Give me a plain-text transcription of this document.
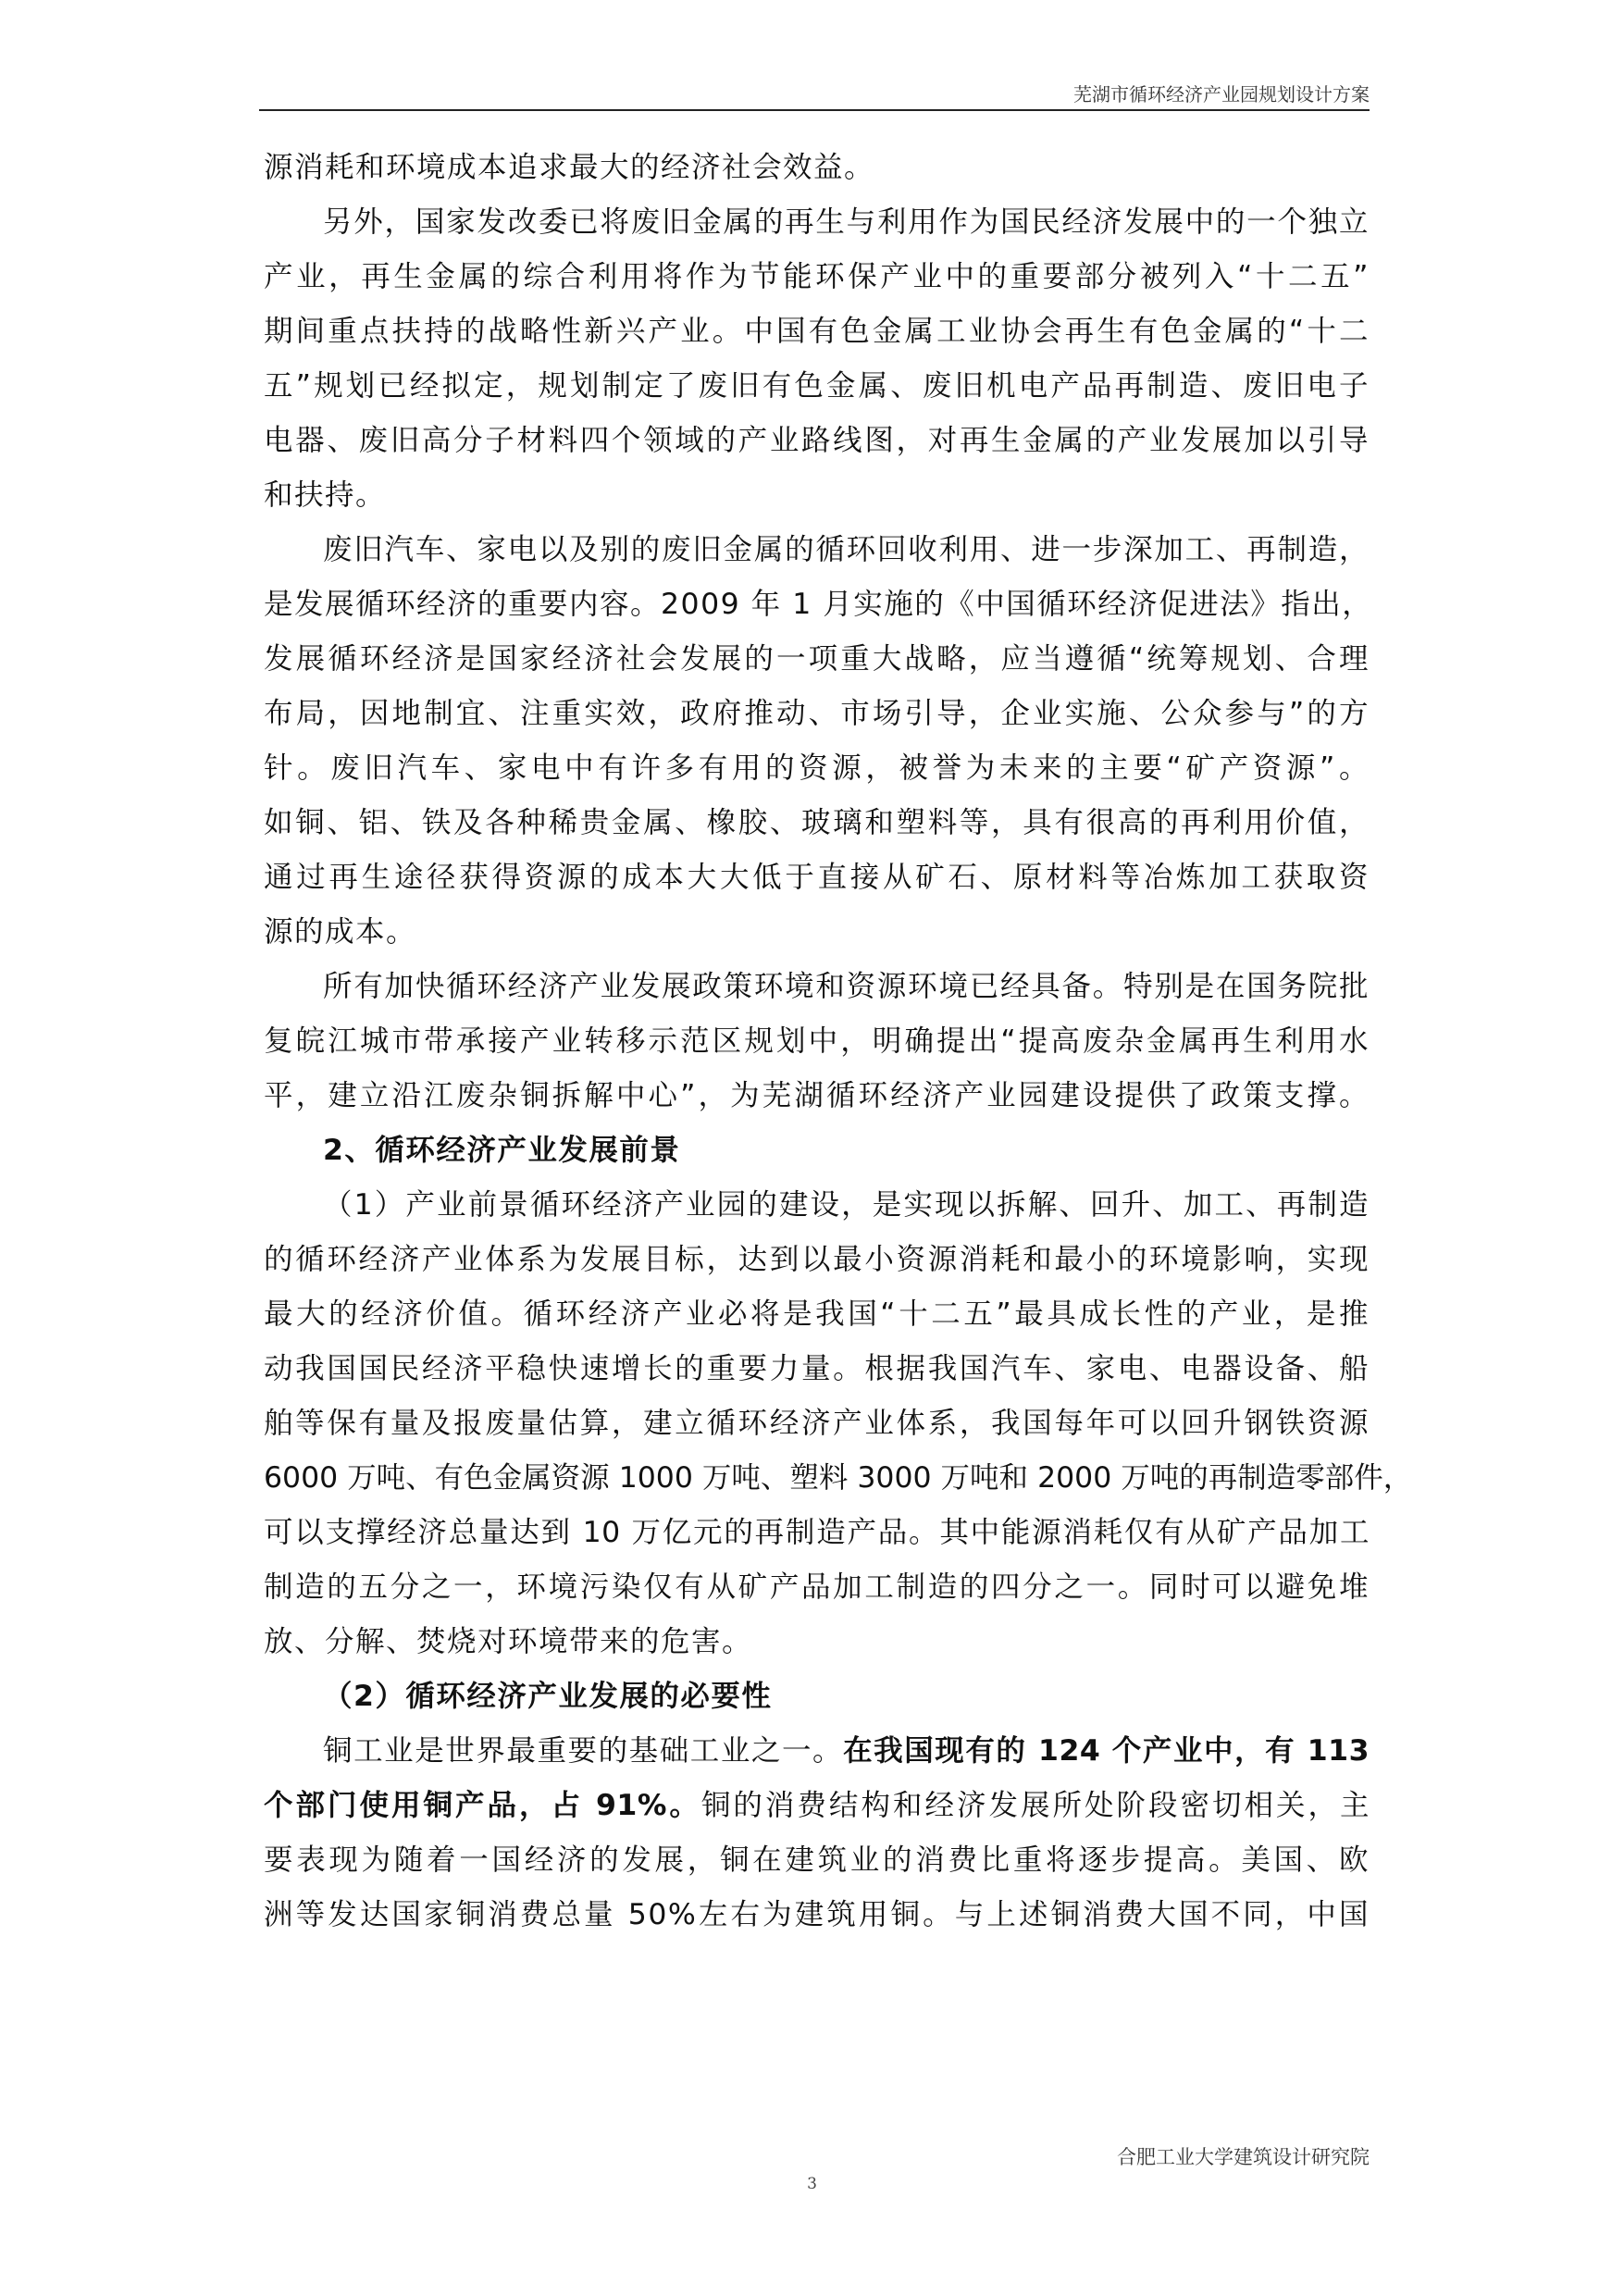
芜湖市循环经济产业园规划设计方案
源消耗和环境成本追求最大的经济社会效益。
另外，国家发改委已将废旧金属的再生与利用作为国民经济发展中的一个独立
产业，再生金属的综合利用将作为节能环保产业中的重要部分被列入“十二五”
期间重点扶持的战略性新兴产业。中国有色金属工业协会再生有色金属的“十二
五”规划已经拟定，规划制定了废旧有色金属、废旧机电产品再制造、废旧电子
电器、废旧高分子材料四个领域的产业路线图，对再生金属的产业发展加以引导
和扶持。
废旧汽车、家电以及别的废旧金属的循环回收利用、进一步深加工、再制造，
是发展循环经济的重要内容。2009 年 1 月实施的《中国循环经济促进法》指出，
发展循环经济是国家经济社会发展的一项重大战略，应当遵循“统筹规划、合理
布局，因地制宜、注重实效，政府推动、市场引导，企业实施、公众参与”的方
针。废旧汽车、家电中有许多有用的资源，被誉为未来的主要“矿产资源”。
如铜、铝、铁及各种稀贵金属、橡胶、玻璃和塑料等，具有很高的再利用价值，
通过再生途径获得资源的成本大大低于直接从矿石、原材料等冶炼加工获取资
源的成本。
所有加快循环经济产业发展政策环境和资源环境已经具备。特别是在国务院批
复皖江城市带承接产业转移示范区规划中，明确提出“提高废杂金属再生利用水
平，建立沿江废杂铜拆解中心”，为芜湖循环经济产业园建设提供了政策支撑。
2、循环经济产业发展前景
（1）产业前景循环经济产业园的建设，是实现以拆解、回升、加工、再制造
的循环经济产业体系为发展目标，达到以最小资源消耗和最小的环境影响，实现
最大的经济价值。循环经济产业必将是我国“十二五”最具成长性的产业，是推
动我国国民经济平稳快速增长的重要力量。根据我国汽车、家电、电器设备、船
舶等保有量及报废量估算，建立循环经济产业体系，我国每年可以回升钢铁资源
6000 万吨、有色金属资源 1000 万吨、塑料 3000 万吨和 2000 万吨的再制造零部件，
可以支撑经济总量达到 10 万亿元的再制造产品。其中能源消耗仅有从矿产品加工
制造的五分之一，环境污染仅有从矿产品加工制造的四分之一。同时可以避免堆
放、分解、焚烧对环境带来的危害。
（2）循环经济产业发展的必要性
铜工业是世界最重要的基础工业之一。在我国现有的 124 个产业中，有 113
个部门使用铜产品，占 91%。铜的消费结构和经济发展所处阶段密切相关，主
要表现为随着一国经济的发展，铜在建筑业的消费比重将逐步提高。美国、欧
洲等发达国家铜消费总量 50%左右为建筑用铜。与上述铜消费大国不同，中国
合肥工业大学建筑设计研究院
3
